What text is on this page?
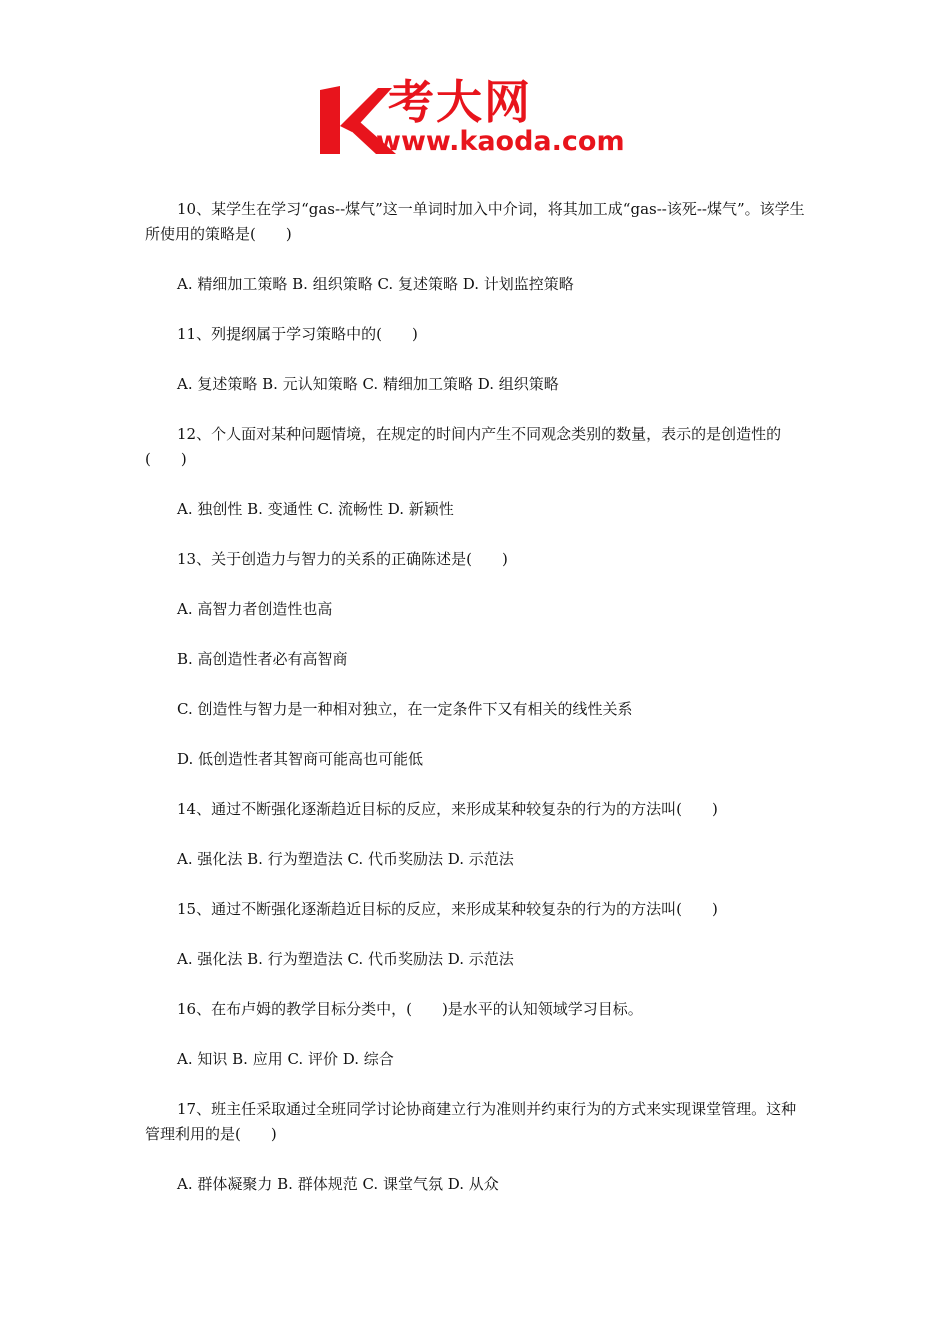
考大网
www.kaoda.com

10、某学生在学习“gas--煤气”这一单词时加入中介词，将其加工成“gas--该死--煤气”。该学生所使用的策略是(　　)

A. 精细加工策略 B. 组织策略 C. 复述策略 D. 计划监控策略

11、列提纲属于学习策略中的(　　)

A. 复述策略 B. 元认知策略 C. 精细加工策略 D. 组织策略

12、个人面对某种问题情境，在规定的时间内产生不同观念类别的数量，表示的是创造性的(　　)

A. 独创性 B. 变通性 C. 流畅性 D. 新颖性

13、关于创造力与智力的关系的正确陈述是(　　)

A. 高智力者创造性也高

B. 高创造性者必有高智商

C. 创造性与智力是一种相对独立，在一定条件下又有相关的线性关系

D. 低创造性者其智商可能高也可能低

14、通过不断强化逐渐趋近目标的反应，来形成某种较复杂的行为的方法叫(　　)

A. 强化法 B. 行为塑造法 C. 代币奖励法 D. 示范法

15、通过不断强化逐渐趋近目标的反应，来形成某种较复杂的行为的方法叫(　　)

A. 强化法 B. 行为塑造法 C. 代币奖励法 D. 示范法

16、在布卢姆的教学目标分类中，(　　)是水平的认知领域学习目标。

A. 知识 B. 应用 C. 评价 D. 综合

17、班主任采取通过全班同学讨论协商建立行为准则并约束行为的方式来实现课堂管理。这种管理利用的是(　　)

A. 群体凝聚力 B. 群体规范 C. 课堂气氛 D. 从众
